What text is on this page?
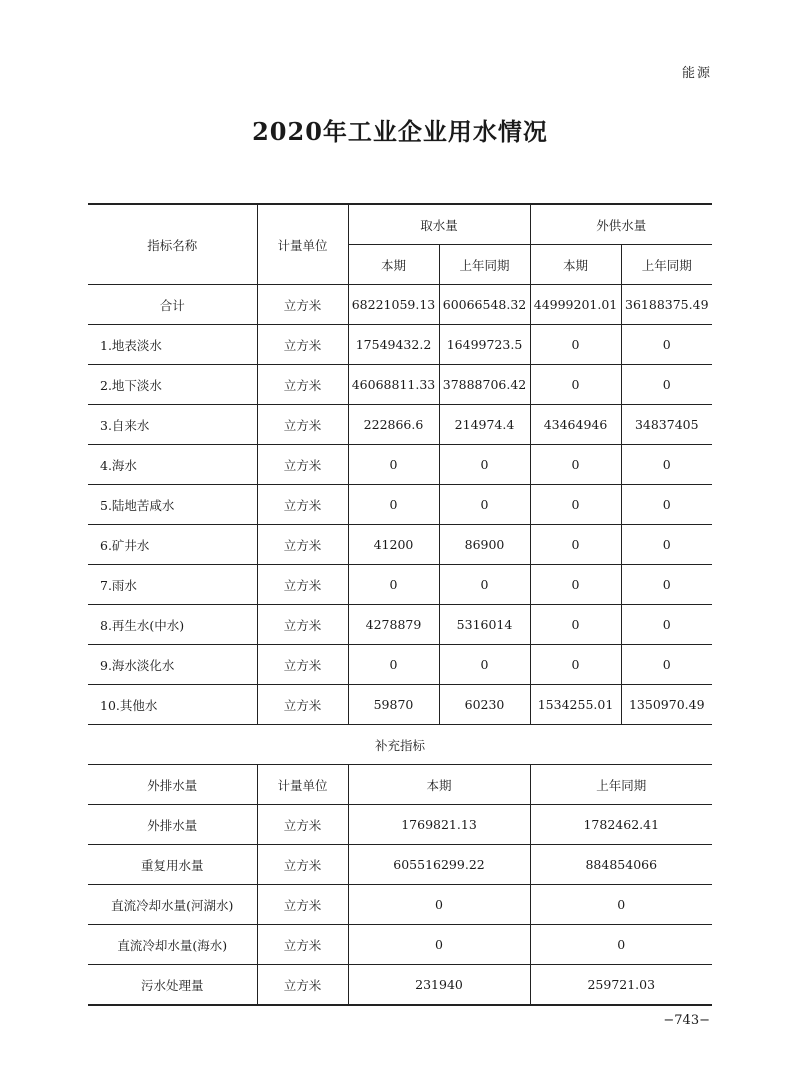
能源
2020年工业企业用水情况
指标名称	计量单位	取水量		外供水量	
		本期	上年同期	本期	上年同期
合计	立方米	68221059.13	60066548.32	44999201.01	36188375.49
1.地表淡水	立方米	17549432.2	16499723.5	0	0
2.地下淡水	立方米	46068811.33	37888706.42	0	0
3.自来水	立方米	222866.6	214974.4	43464946	34837405
4.海水	立方米	0	0	0	0
5.陆地苦咸水	立方米	0	0	0	0
6.矿井水	立方米	41200	86900	0	0
7.雨水	立方米	0	0	0	0
8.再生水(中水)	立方米	4278879	5316014	0	0
9.海水淡化水	立方米	0	0	0	0
10.其他水	立方米	59870	60230	1534255.01	1350970.49
补充指标					
外排水量	计量单位	本期		上年同期	
外排水量	立方米	1769821.13		1782462.41	
重复用水量	立方米	605516299.22		884854066	
直流冷却水量(河湖水)	立方米	0		0	
直流冷却水量(海水)	立方米	0		0	
污水处理量	立方米	231940		259721.03	
−743−
